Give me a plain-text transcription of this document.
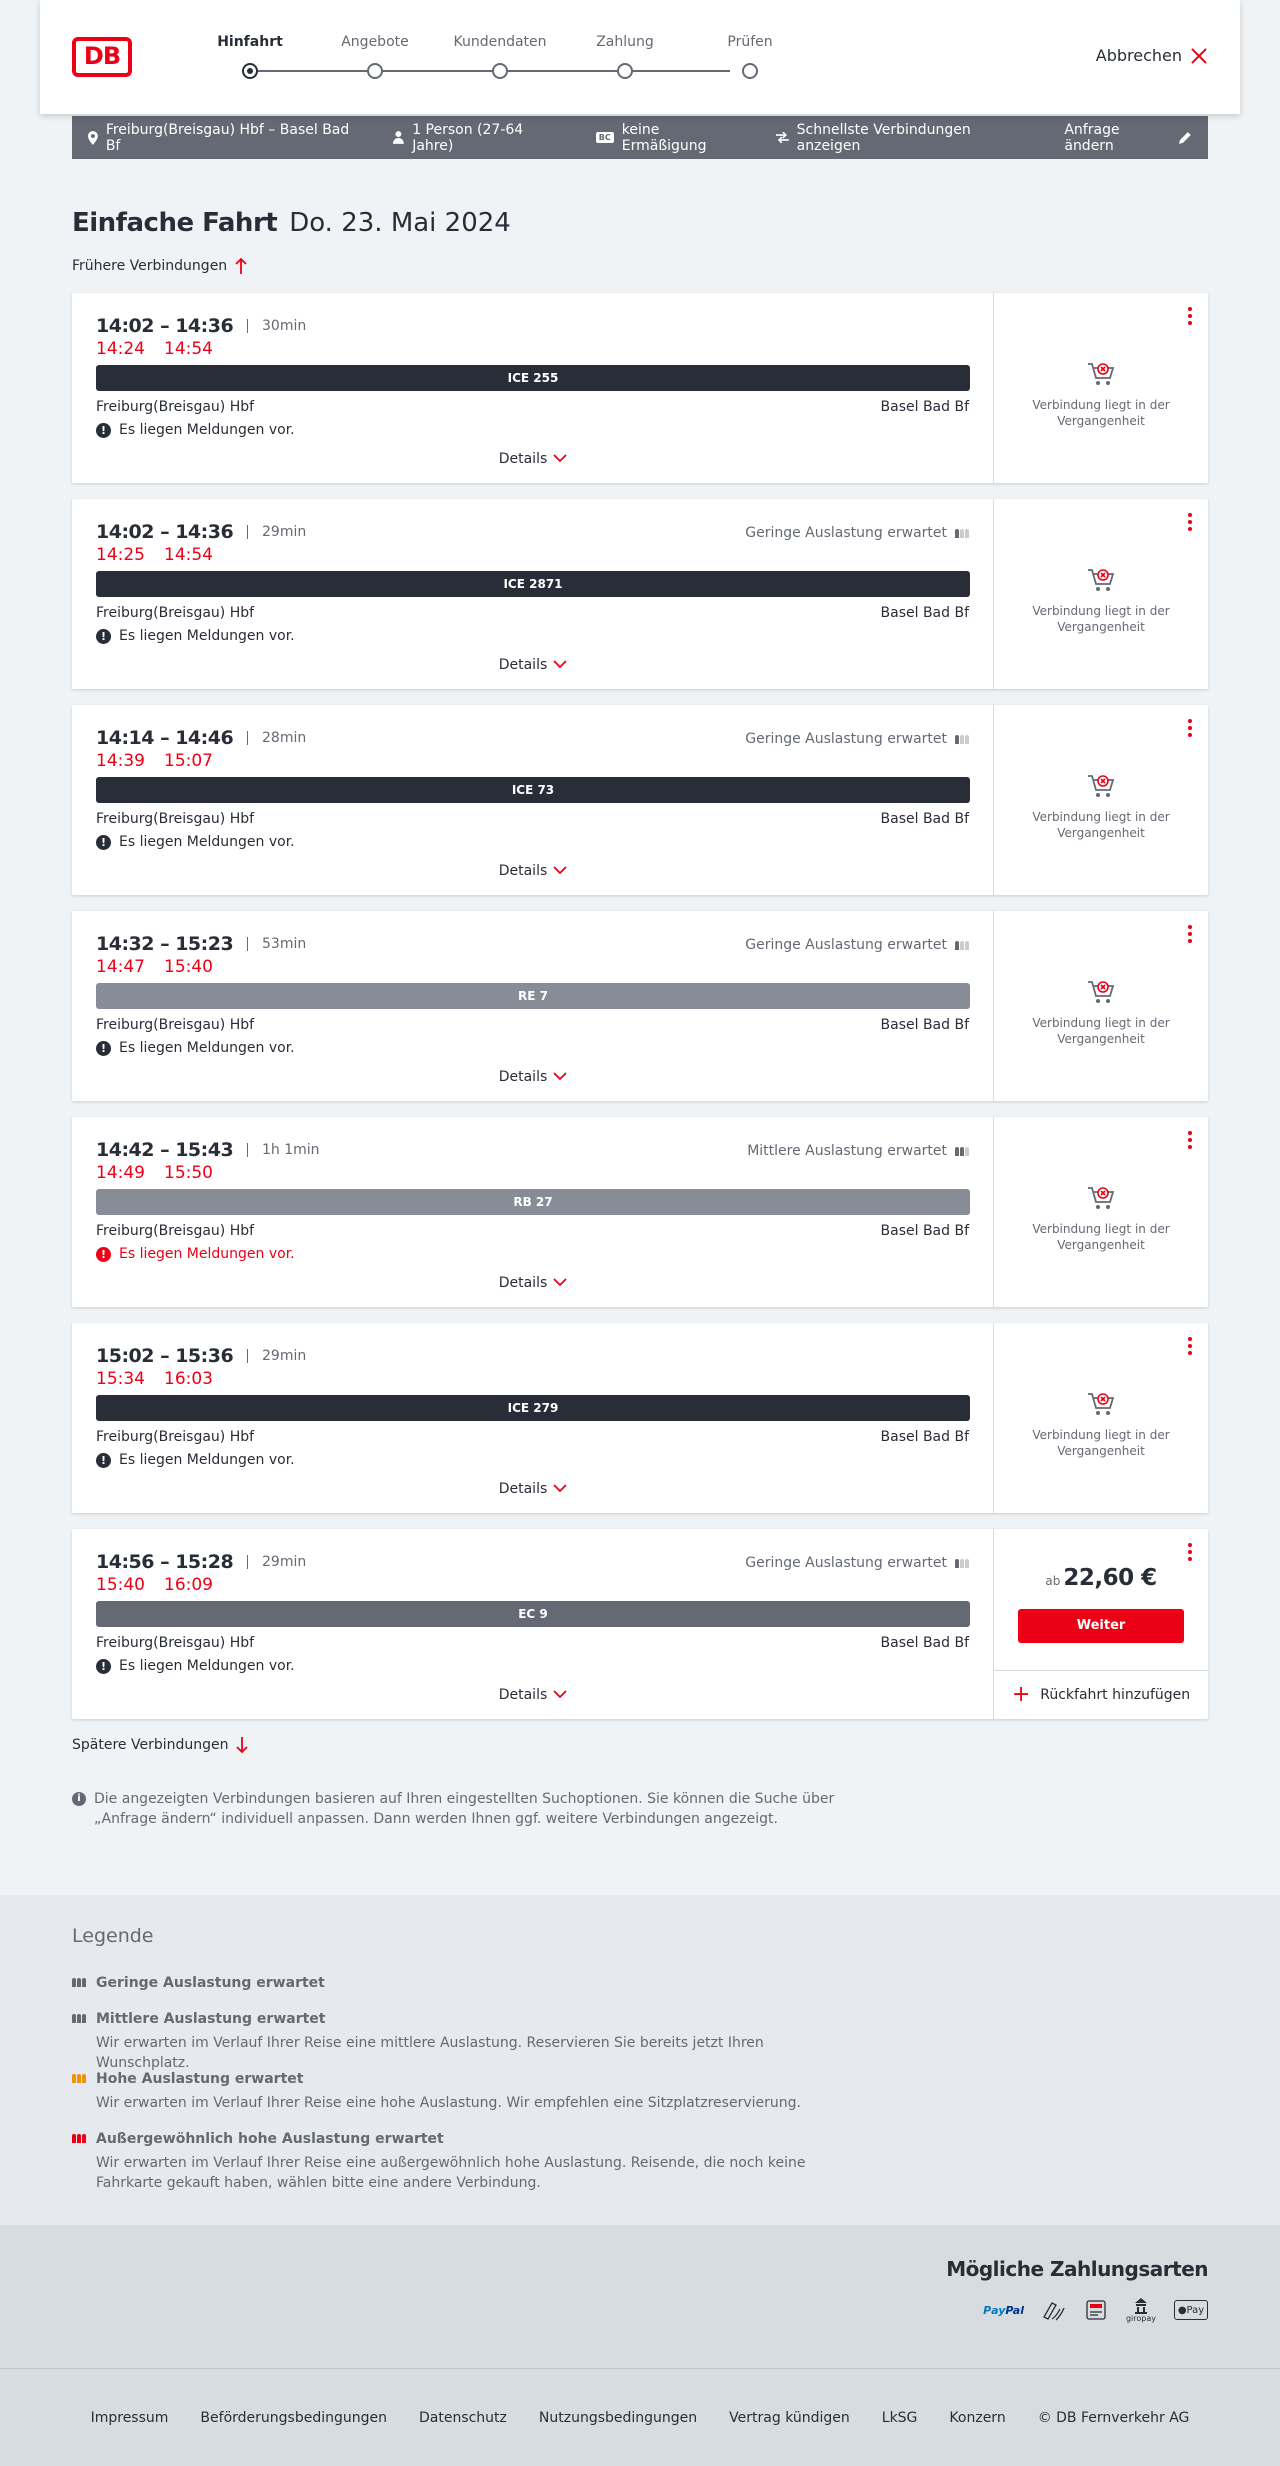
DB	Hinfahrt	Angebote	Kundendaten	Zahlung	Prüfen
Abbrechen
Freiburg(Breisgau) Hbf – Basel Bad Bf
1 Person (27-64 Jahre)	BC keine Ermäßigung
Schnellste Verbindungen anzeigen
Anfrage ändern
Einfache Fahrt Do. 23. Mai 2024
Frühere Verbindungen
14:02 – 14:36	30min
14:24 14:54
ICE 255
Freiburg(Breisgau) Hbf	Basel Bad Bf
! Es liegen Meldungen vor.
Details
Verbindung liegt in der Vergangenheit
14:02 – 14:36	29min
14:25 14:54
Geringe Auslastung erwartet
ICE 2871
Freiburg(Breisgau) Hbf	Basel Bad Bf
! Es liegen Meldungen vor.
Details
Verbindung liegt in der Vergangenheit
14:14 – 14:46	28min
14:39 15:07
Geringe Auslastung erwartet
ICE 73
Freiburg(Breisgau) Hbf	Basel Bad Bf
! Es liegen Meldungen vor.
Details
Verbindung liegt in der Vergangenheit
14:32 – 15:23	53min
14:47 15:40
Geringe Auslastung erwartet
RE 7
Freiburg(Breisgau) Hbf	Basel Bad Bf
! Es liegen Meldungen vor.
Details
Verbindung liegt in der Vergangenheit
14:42 – 15:43	1h 1min
14:49 15:50
Mittlere Auslastung erwartet
RB 27
Freiburg(Breisgau) Hbf	Basel Bad Bf
! Es liegen Meldungen vor.
Details
Verbindung liegt in der Vergangenheit
15:02 – 15:36	29min
15:34 16:03
ICE 279
Freiburg(Breisgau) Hbf	Basel Bad Bf
! Es liegen Meldungen vor.
Details
Verbindung liegt in der Vergangenheit
14:56 – 15:28	29min
15:40 16:09
Geringe Auslastung erwartet
EC 9
Freiburg(Breisgau) Hbf	Basel Bad Bf
! Es liegen Meldungen vor.
Details
ab 22,60 €
Weiter
+ Rückfahrt hinzufügen
Spätere Verbindungen
i Die angezeigten Verbindungen basieren auf Ihren eingestellten Suchoptionen. Sie können die Suche über „Anfrage ändern“ individuell anpassen. Dann werden Ihnen ggf. weitere Verbindungen angezeigt.
Legende
Geringe Auslastung erwartet
Mittlere Auslastung erwartet
Wir erwarten im Verlauf Ihrer Reise eine mittlere Auslastung. Reservieren Sie bereits jetzt Ihren Wunschplatz.
Hohe Auslastung erwartet
Wir erwarten im Verlauf Ihrer Reise eine hohe Auslastung. Wir empfehlen eine Sitzplatzreservierung.
Außergewöhnlich hohe Auslastung erwartet
Wir erwarten im Verlauf Ihrer Reise eine außergewöhnlich hohe Auslastung. Reisende, die noch keine Fahrkarte gekauft haben, wählen bitte eine andere Verbindung.
Mögliche Zahlungsarten
P ay Pal
giropay
● Pay
Impressum Beförderungsbedingungen Datenschutz Nutzungsbedingungen Vertrag kündigen LkSG Konzern © DB Fernverkehr AG
